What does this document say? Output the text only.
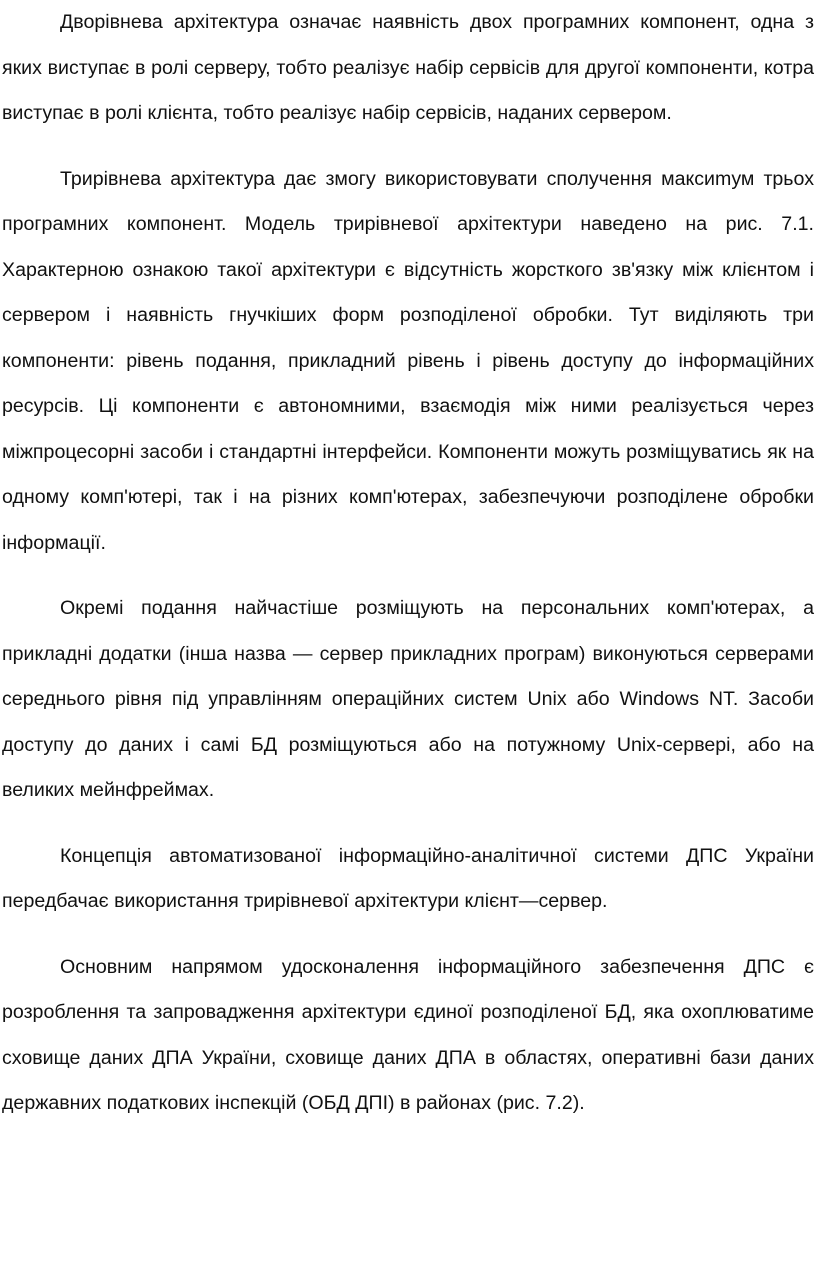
Дворівнева архітектура означає наявність двох програмних компонент, одна з яких виступає в ролі серверу, тобто реалізує набір сервісів для другої компоненти, котра виступає в ролі клієнта, тобто реалізує набір сервісів, наданих сервером.

Трирівнева архітектура дає змогу використовувати сполучення максиmум трьох програмних компонент. Модель трирівневої архітектури наведено на рис. 7.1. Характерною ознакою такої архітектури є відсутність жорсткого зв'язку між клієнтом і сервером і наявність гнучкіших форм розподіленої обробки. Тут виділяють три компоненти: рівень подання, прикладний рівень і рівень доступу до інформаційних ресурсів. Ці компоненти є автономними, взаємодія між ними реалізується через міжпроцесорні засоби і стандартні інтерфейси. Компоненти можуть розміщуватись як на одному комп'ютері, так і на різних комп'ютерах, забезпечуючи розподілене обробки інформації.

Окремі подання найчастіше розміщують на персональних комп'ютерах, а прикладні додатки (інша назва — сервер прикладних програм) виконуються серверами середнього рівня під управлінням операційних систем Unix або Windows NT. Засоби доступу до даних і самі БД розміщуються або на потужному Unix-сервері, або на великих мейнфреймах.

Концепція автоматизованої інформаційно-аналітичної системи ДПС України передбачає використання трирівневої архітектури клієнт—сервер.

Основним напрямом удосконалення інформаційного забезпечення ДПС є розроблення та запровадження архітектури єдиної розподіленої БД, яка охоплюватиме сховище даних ДПА України, сховище даних ДПА в областях, оперативні бази даних державних податкових інспекцій (ОБД ДПІ) в районах (рис. 7.2).
